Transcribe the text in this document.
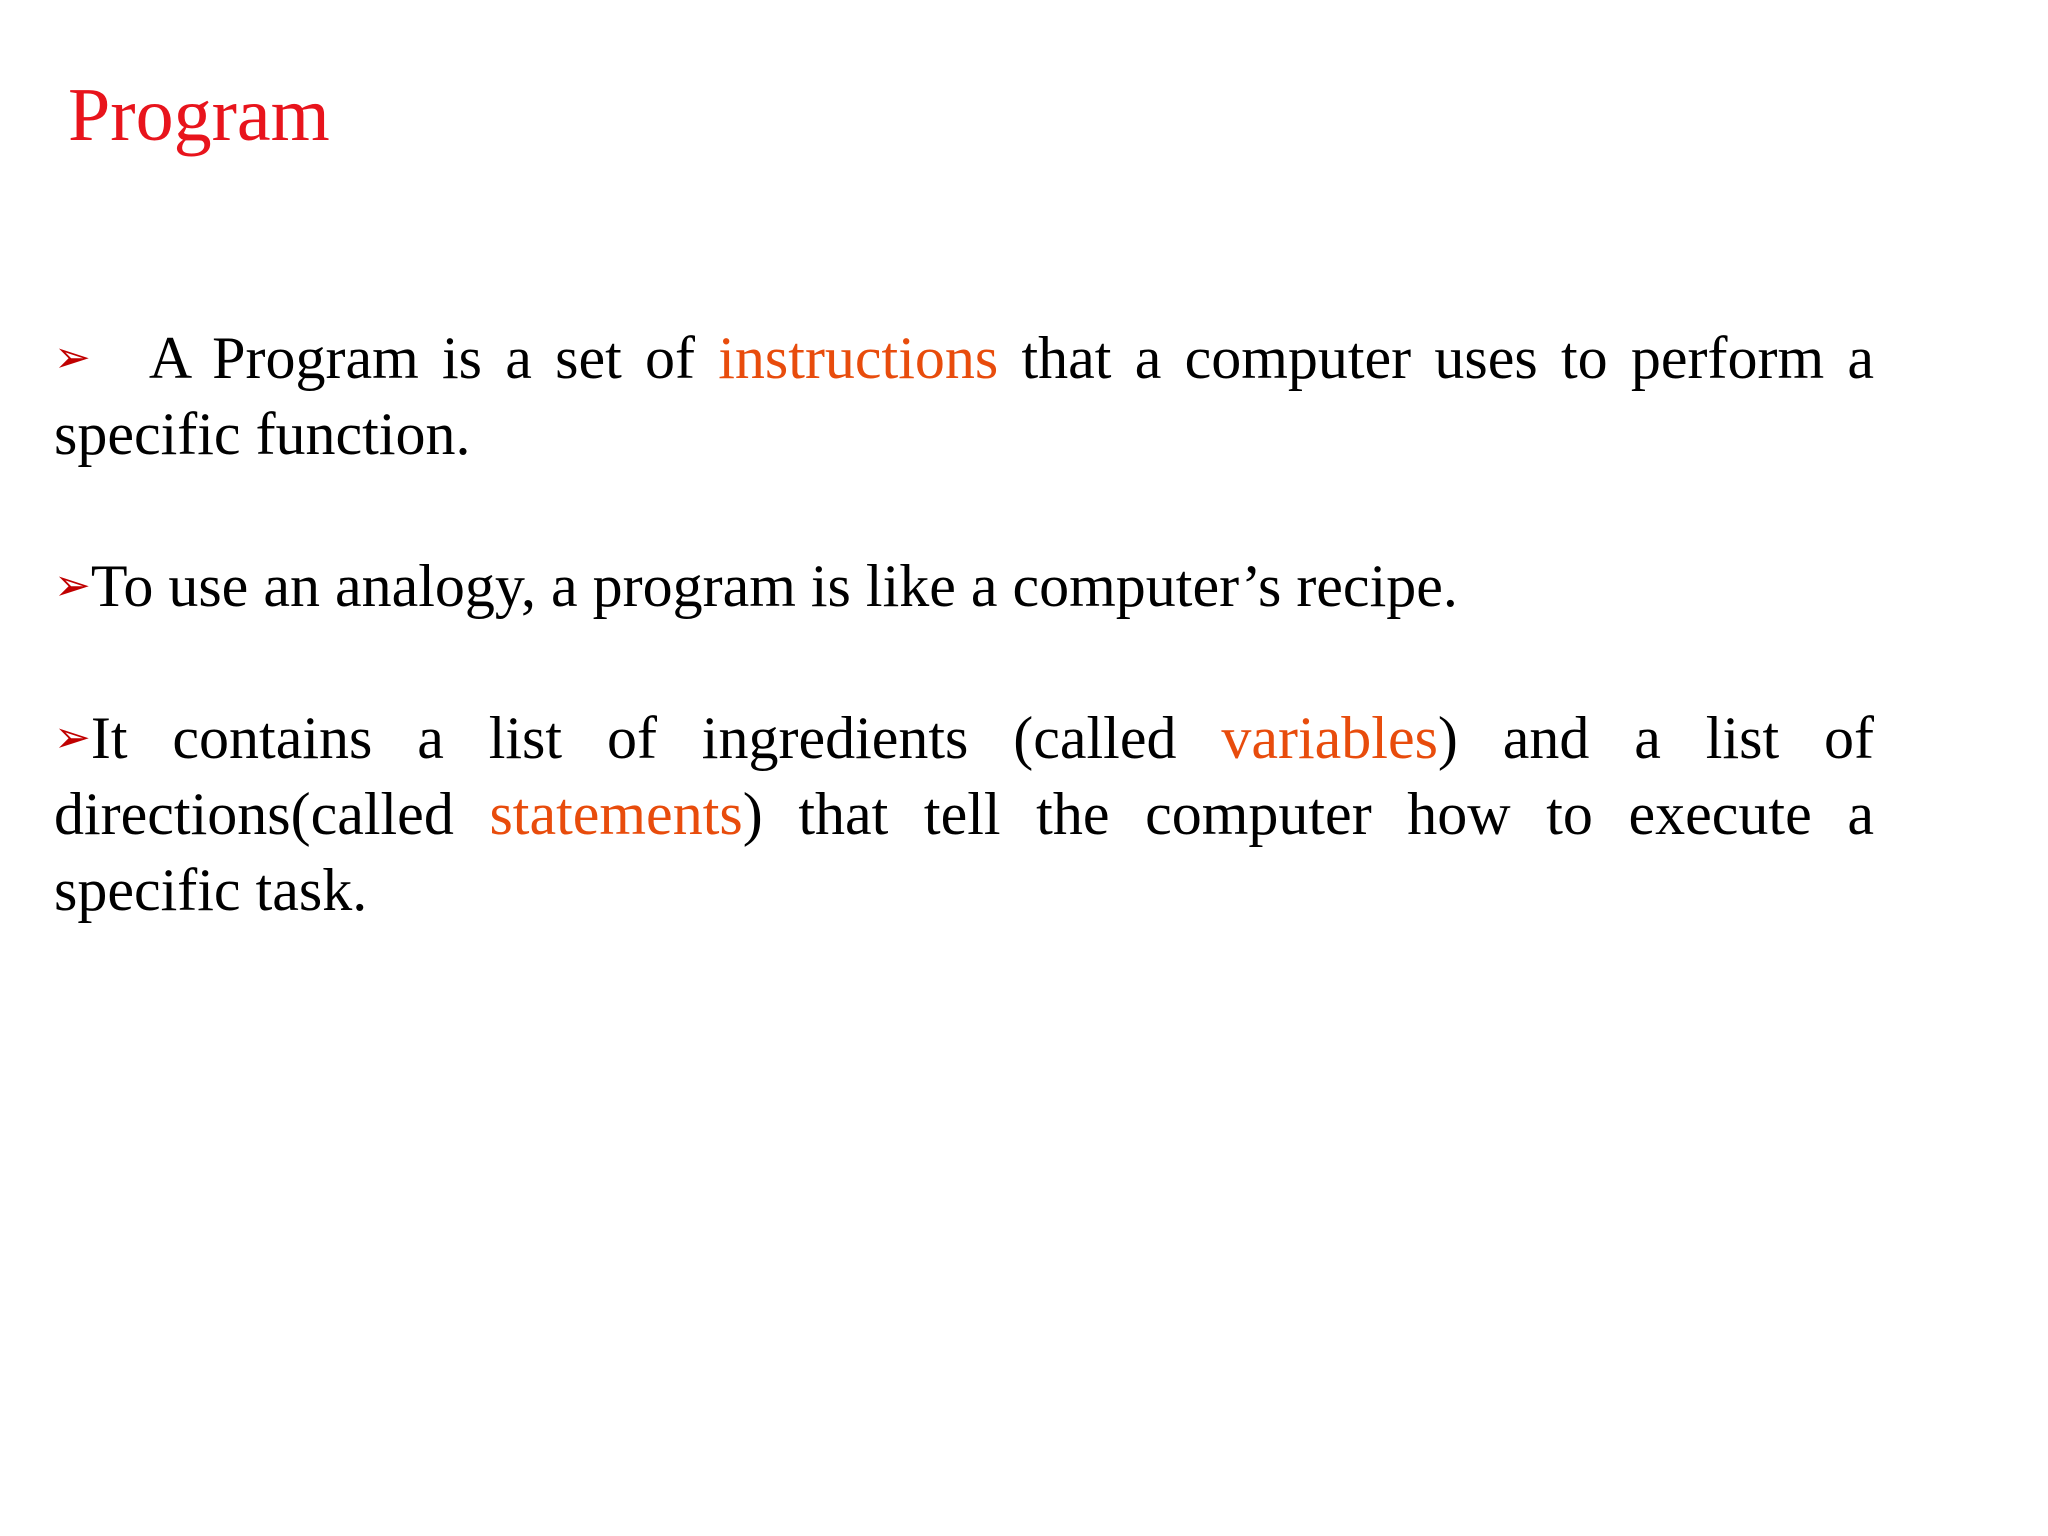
Program
➢ A Program is a set of instructions that a computer uses to perform a specific function.
➢To use an analogy, a program is like a computer’s recipe.
➢It contains a list of ingredients (called variables) and a list of directions(called statements) that tell the computer how to execute a specific task.
